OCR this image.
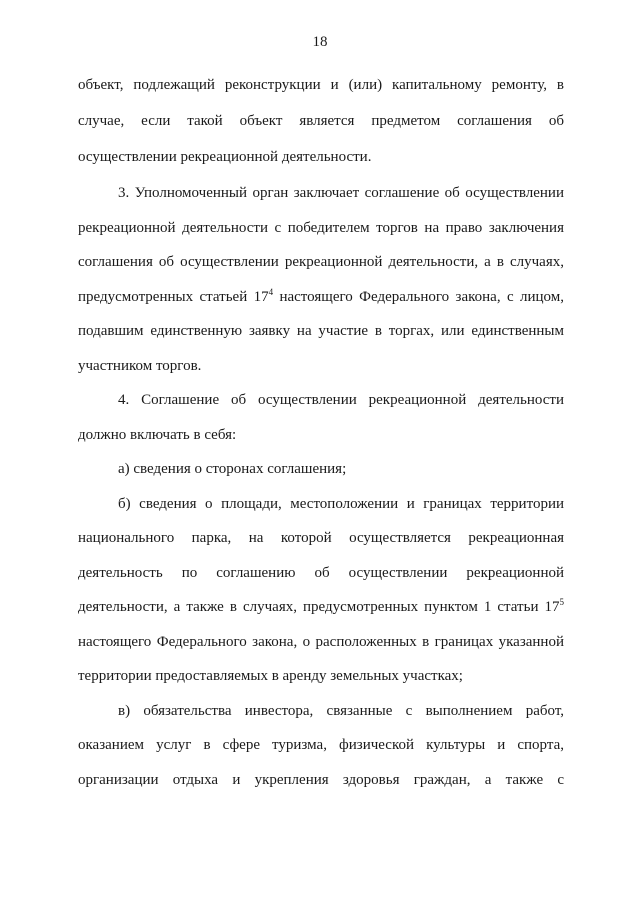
18
объект, подлежащий реконструкции и (или) капитальному ремонту, в
случае, если такой объект является предметом соглашения об
осуществлении рекреационной деятельности.
3. Уполномоченный орган заключает соглашение об осуществлении
рекреационной деятельности с победителем торгов на право заключения
соглашения об осуществлении рекреационной деятельности, а в случаях,
предусмотренных статьей $17^4$ настоящего Федерального закона, с лицом,
подавшим единственную заявку на участие в торгах, или единственным
участником торгов.
4. Соглашение об осуществлении рекреационной деятельности
должно включать в себя:
а) сведения о сторонах соглашения;
б) сведения о площади, местоположении и границах территории
национального парка, на которой осуществляется рекреационная
деятельность по соглашению об осуществлении рекреационной
деятельности, а также в случаях, предусмотренных пунктом 1 статьи $17^5$
настоящего Федерального закона, о расположенных в границах указанной
территории предоставляемых в аренду земельных участках;
в) обязательства инвестора, связанные с выполнением работ,
оказанием услуг в сфере туризма, физической культуры и спорта,
организации отдыха и укрепления здоровья граждан, а также с
